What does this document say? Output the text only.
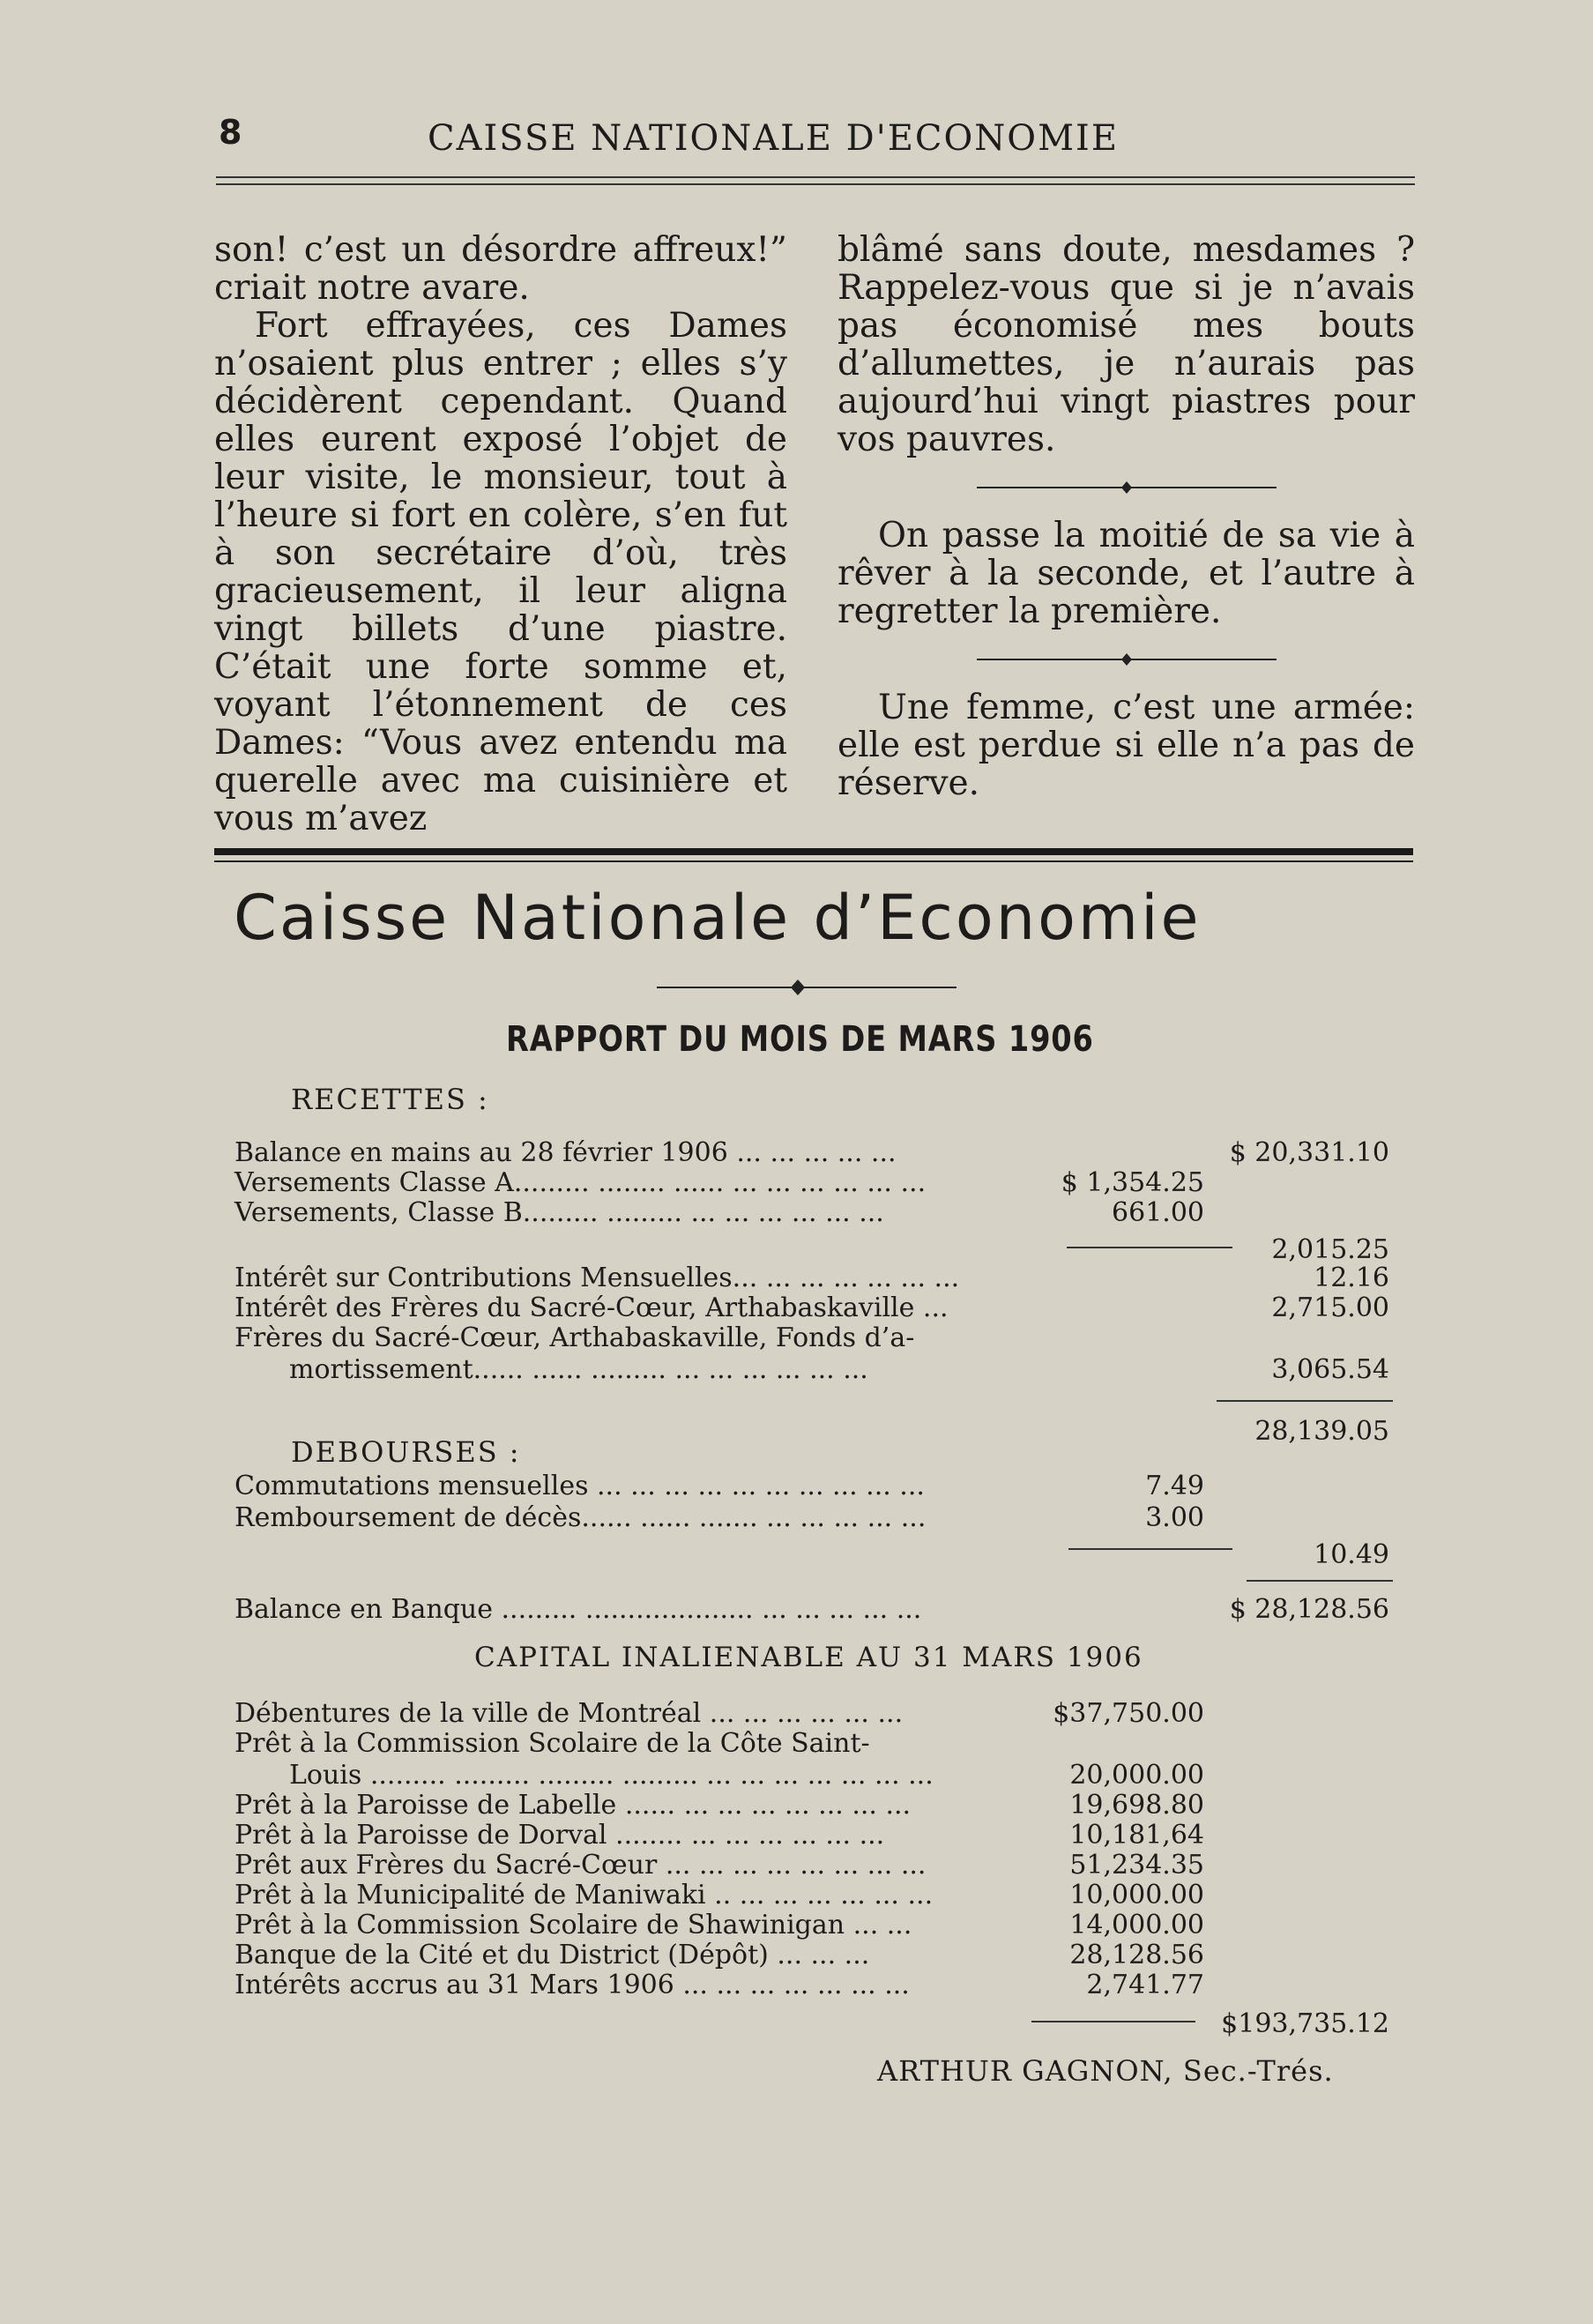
8	CAISSE NATIONALE D'ECONOMIE

son! c’est un désordre affreux!” criait notre avare.

Fort effrayées, ces Dames n’osaient plus entrer ; elles s’y décidèrent cependant. Quand elles eurent exposé l’objet de leur visite, le monsieur, tout à l’heure si fort en colère, s’en fut à son secrétaire d’où, très gracieusement, il leur aligna vingt billets d’une piastre. C’était une forte somme et, voyant l’étonnement de ces Dames: “Vous avez entendu ma querelle avec ma cuisinière et vous m’avez

blâmé sans doute, mesdames ? Rappelez-vous que si je n’avais pas économisé mes bouts d’allumettes, je n’aurais pas aujourd’hui vingt piastres pour vos pauvres.

On passe la moitié de sa vie à rêver à la seconde, et l’autre à regretter la première.

Une femme, c’est une armée: elle est perdue si elle n’a pas de réserve.

Caisse Nationale d’Economie
RAPPORT DU MOIS DE MARS 1906
RECETTES :
Balance en mains au 28 février 1906 ... ... ... ... ...	$ 20,331.10
Versements Classe A......... ........ ...... ... ... ... ... ... ...	$ 1,354.25
Versements, Classe B......... ......... ... ... ... ... ... ...	661.00
2,015.25
Intérêt sur Contributions Mensuelles... ... ... ... ... ... ...	12.16
Intérêt des Frères du Sacré-Cœur, Arthabaskaville ...	2,715.00
Frères du Sacré-Cœur, Arthabaskaville, Fonds d’a-
mortissement...... ...... ......... ... ... ... ... ... ...	3,065.54
28,139.05
DEBOURSES :
Commutations mensuelles ... ... ... ... ... ... ... ... ... ...	7.49
Remboursement de décès...... ...... ....... ... ... ... ... ...	3.00
10.49
Balance en Banque ......... .................... ... ... ... ... ...	$ 28,128.56
CAPITAL INALIENABLE AU 31 MARS 1906
Débentures de la ville de Montréal ... ... ... ... ... ...	$37,750.00
Prêt à la Commission Scolaire de la Côte Saint-
Louis ......... ......... ......... ......... ... ... ... ... ... ... ...	20,000.00
Prêt à la Paroisse de Labelle ...... ... ... ... ... ... ... ...	19,698.80
Prêt à la Paroisse de Dorval ........ ... ... ... ... ... ...	10,181,64
Prêt aux Frères du Sacré-Cœur ... ... ... ... ... ... ... ...	51,234.35
Prêt à la Municipalité de Maniwaki .. ... ... ... ... ... ...	10,000.00
Prêt à la Commission Scolaire de Shawinigan ... ...	14,000.00
Banque de la Cité et du District (Dépôt) ... ... ...	28,128.56
Intérêts accrus au 31 Mars 1906 ... ... ... ... ... ... ...	2,741.77
$193,735.12
ARTHUR GAGNON, Sec.-Trés.
